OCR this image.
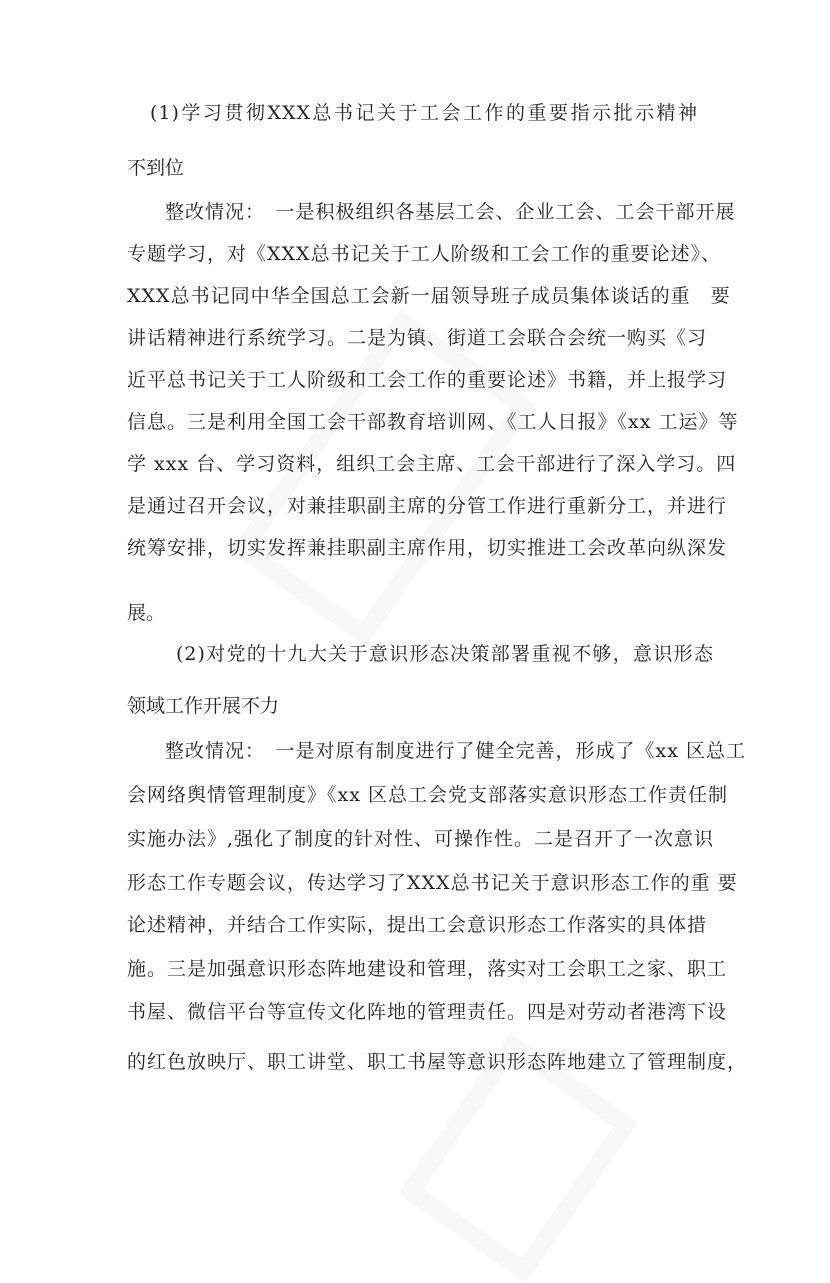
(1)学习贯彻XXX总书记关于工会工作的重要指示批示精神
不到位
整改情况：　一是积极组织各基层工会、企业工会、工会干部开展
专题学习，对《XXX总书记关于工人阶级和工会工作的重要论述》、
XXX总书记同中华全国总工会新一届领导班子成员集体谈话的重　要
讲话精神进行系统学习。二是为镇、街道工会联合会统一购买《习
近平总书记关于工人阶级和工会工作的重要论述》书籍，并上报学习
信息。三是利用全国工会干部教育培训网、《工人日报》《xx 工运》等
学 xxx 台、学习资料，组织工会主席、工会干部进行了深入学习。四
是通过召开会议，对兼挂职副主席的分管工作进行重新分工，并进行
统筹安排，切实发挥兼挂职副主席作用，切实推进工会改革向纵深发
展。
(2)对党的十九大关于意识形态决策部署重视不够，意识形态
领域工作开展不力
整改情况：　一是对原有制度进行了健全完善，形成了《xx 区总工
会网络舆情管理制度》《xx 区总工会党支部落实意识形态工作责任制
实施办法》,强化了制度的针对性、可操作性。二是召开了一次意识
形态工作专题会议，传达学习了XXX总书记关于意识形态工作的重 要
论述精神，并结合工作实际，提出工会意识形态工作落实的具体措
施。三是加强意识形态阵地建设和管理，落实对工会职工之家、职工
书屋、微信平台等宣传文化阵地的管理责任。四是对劳动者港湾下设
的红色放映厅、职工讲堂、职工书屋等意识形态阵地建立了管理制度，
